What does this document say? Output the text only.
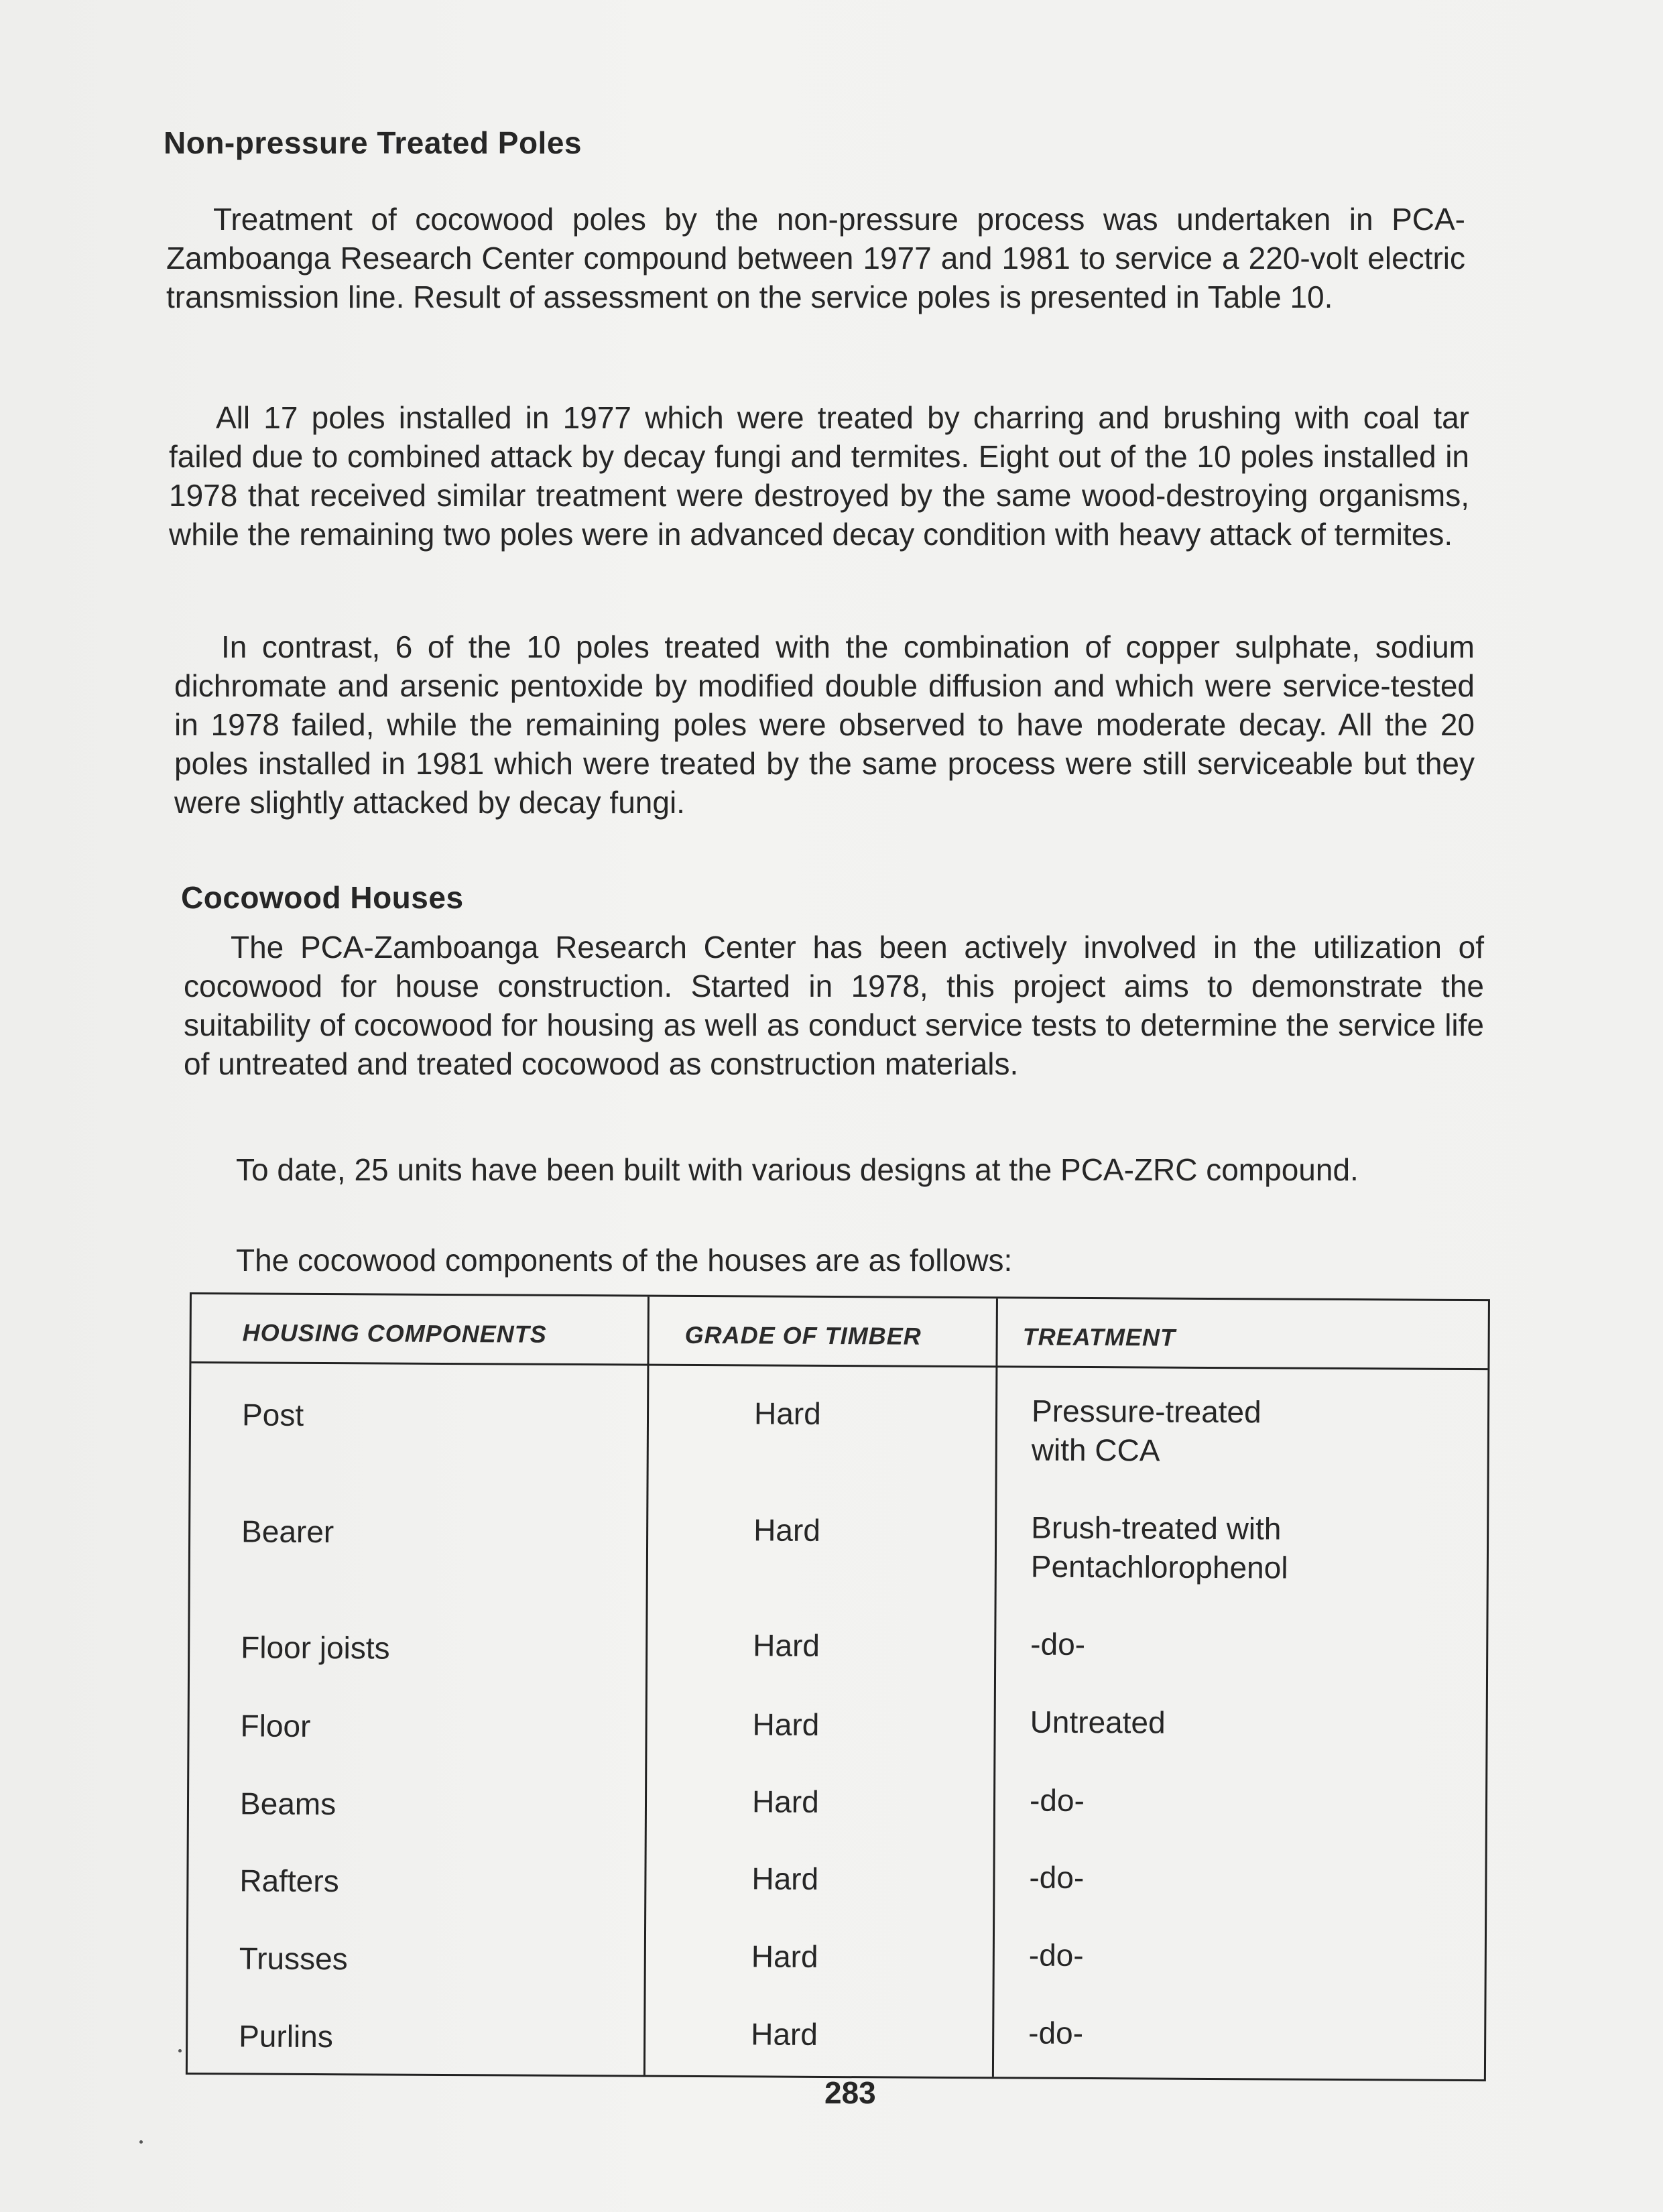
Non-pressure Treated Poles

Treatment of cocowood poles by the non-pressure process was undertaken in PCA-Zamboanga Research Center compound between 1977 and 1981 to service a 220-volt electric transmission line. Result of assessment on the service poles is presented in Table 10.

All 17 poles installed in 1977 which were treated by charring and brushing with coal tar failed due to combined attack by decay fungi and termites. Eight out of the 10 poles installed in 1978 that received similar treatment were destroyed by the same wood-destroying organisms, while the remaining two poles were in advanced decay condition with heavy attack of termites.

In contrast, 6 of the 10 poles treated with the combination of copper sulphate, sodium dichromate and arsenic pentoxide by modified double diffusion and which were service-tested in 1978 failed, while the remaining poles were observed to have moderate decay. All the 20 poles installed in 1981 which were treated by the same process were still serviceable but they were slightly attacked by decay fungi.

Cocowood Houses

The PCA-Zamboanga Research Center has been actively involved in the utilization of cocowood for house construction. Started in 1978, this project aims to demonstrate the suitability of cocowood for housing as well as conduct service tests to determine the service life of untreated and treated cocowood as construction materials.

To date, 25 units have been built with various designs at the PCA-ZRC compound.

The cocowood components of the houses are as follows:

HOUSING COMPONENTS	GRADE OF TIMBER	TREATMENT
Post	Hard	Pressure-treated
with CCA
Bearer	Hard	Brush-treated with
Pentachlorophenol
Floor joists	Hard	-do-
Floor	Hard	Untreated
Beams	Hard	-do-
Rafters	Hard	-do-
Trusses	Hard	-do-
Purlins	Hard	-do-
283
